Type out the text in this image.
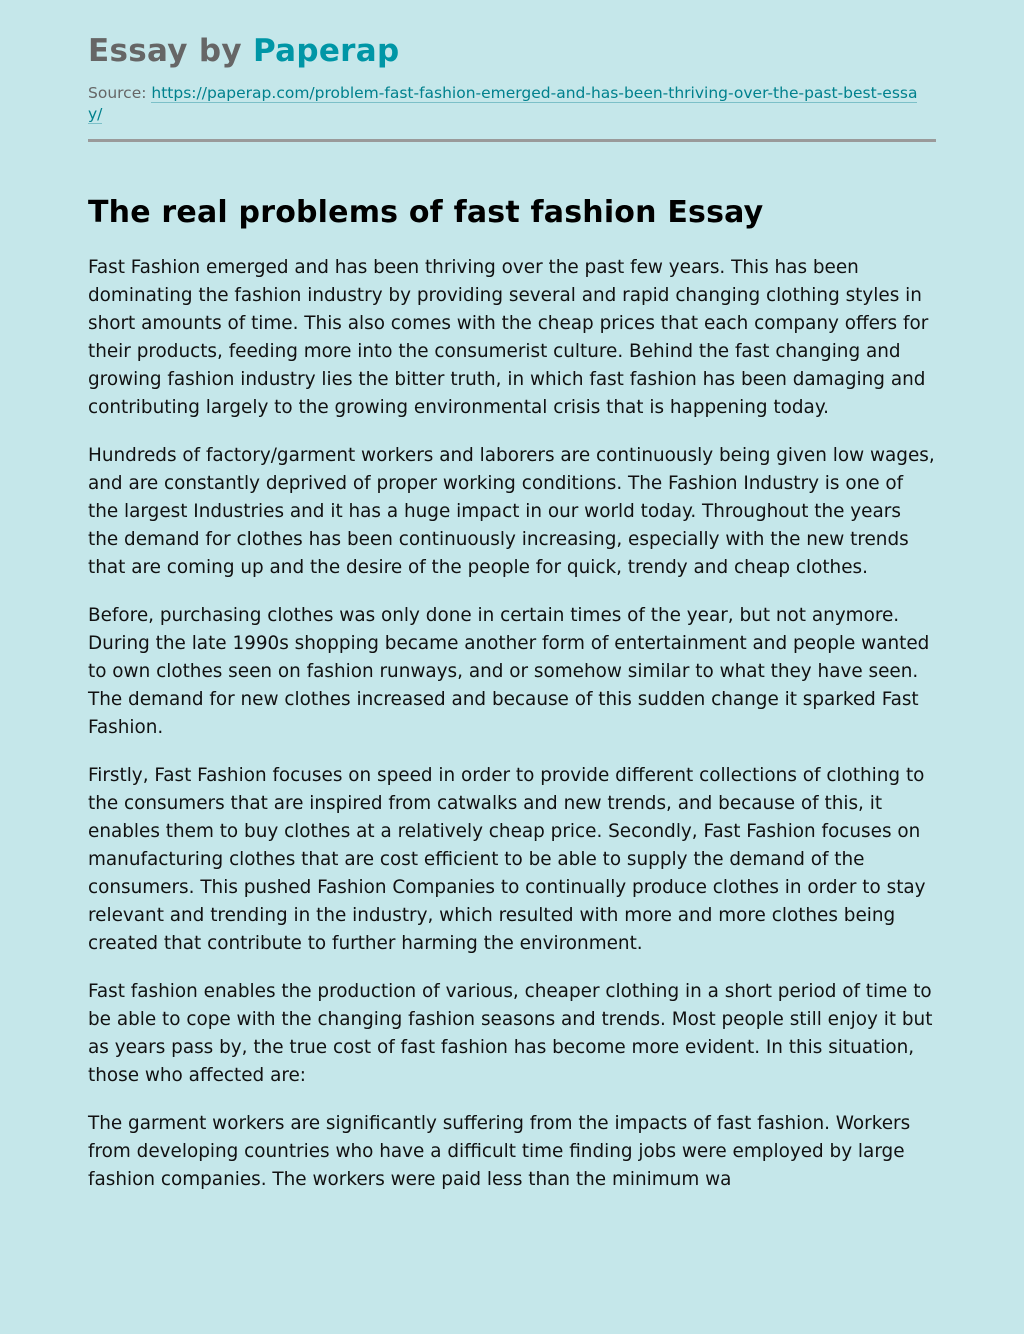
Essay by Paperap
Source: https://paperap.com/problem-fast-fashion-emerged-and-has-been-thriving-over-the-past-best-essay/
The real problems of fast fashion Essay

Fast Fashion emerged and has been thriving over the past few years. This has been dominating the fashion industry by providing several and rapid changing clothing styles in short amounts of time. This also comes with the cheap prices that each company offers for their products, feeding more into the consumerist culture. Behind the fast changing and growing fashion industry lies the bitter truth, in which fast fashion has been damaging and contributing largely to the growing environmental crisis that is happening today.

Hundreds of factory/garment workers and laborers are continuously being given low wages, and are constantly deprived of proper working conditions. The Fashion Industry is one of the largest Industries and it has a huge impact in our world today. Throughout the years the demand for clothes has been continuously increasing, especially with the new trends that are coming up and the desire of the people for quick, trendy and cheap clothes.

Before, purchasing clothes was only done in certain times of the year, but not anymore. During the late 1990s shopping became another form of entertainment and people wanted to own clothes seen on fashion runways, and or somehow similar to what they have seen. The demand for new clothes increased and because of this sudden change it sparked Fast Fashion.

Firstly, Fast Fashion focuses on speed in order to provide different collections of clothing to the consumers that are inspired from catwalks and new trends, and because of this, it enables them to buy clothes at a relatively cheap price. Secondly, Fast Fashion focuses on manufacturing clothes that are cost efficient to be able to supply the demand of the consumers. This pushed Fashion Companies to continually produce clothes in order to stay relevant and trending in the industry, which resulted with more and more clothes being created that contribute to further harming the environment.

Fast fashion enables the production of various, cheaper clothing in a short period of time to be able to cope with the changing fashion seasons and trends. Most people still enjoy it but as years pass by, the true cost of fast fashion has become more evident. In this situation, those who affected are:

The garment workers are significantly suffering from the impacts of fast fashion. Workers from developing countries who have a difficult time finding jobs were employed by large fashion companies. The workers were paid less than the minimum wa
